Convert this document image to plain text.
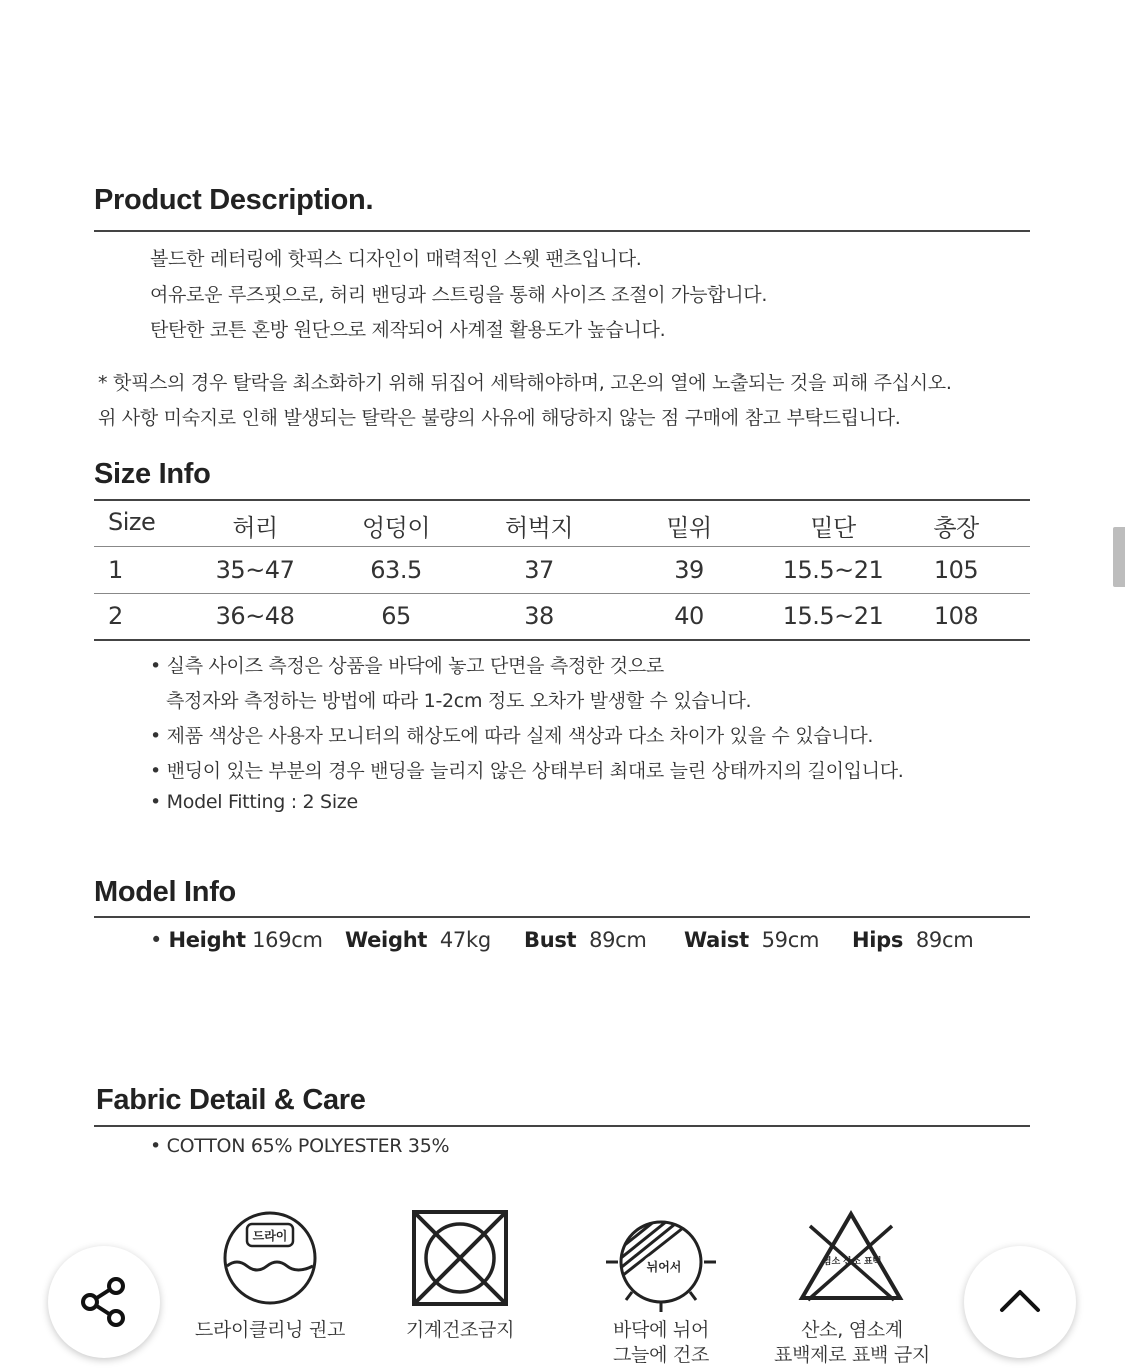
Product Description.
볼드한 레터링에 핫픽스 디자인이 매력적인 스웻 팬츠입니다.
여유로운 루즈핏으로, 허리 밴딩과 스트링을 통해 사이즈 조절이 가능합니다.
탄탄한 코튼 혼방 원단으로 제작되어 사계절 활용도가 높습니다.
* 핫픽스의 경우 탈락을 최소화하기 위해 뒤집어 세탁해야하며, 고온의 열에 노출되는 것을 피해 주십시오.
위 사항 미숙지로 인해 발생되는 탈락은 불량의 사유에 해당하지 않는 점 구매에 참고 부탁드립니다.
Size Info
Size	허리	엉덩이	허벅지	밑위	밑단	총장
1	35~47	63.5	37	39	15.5~21 105
2	36~48	65	38	40	15.5~21 108
• 실측 사이즈 측정은 상품을 바닥에 놓고 단면을 측정한 것으로
측정자와 측정하는 방법에 따라 1-2cm 정도 오차가 발생할 수 있습니다.
• 제품 색상은 사용자 모니터의 해상도에 따라 실제 색상과 다소 차이가 있을 수 있습니다.
• 밴딩이 있는 부분의 경우 밴딩을 늘리지 않은 상태부터 최대로 늘린 상태까지의 길이입니다.
• Model Fitting : 2 Size
Model Info
• Height 169cm Weight 47kg Bust 89cm Waist 59cm Hips 89cm
Fabric Detail & Care
• COTTON 65% POLYESTER 35%
드라이
드라이클리닝 권고	기계건조금지
뉘어서
바닥에 뉘어
그늘에 건조
염소 산소 표백
산소, 염소계
표백제로 표백 금지
